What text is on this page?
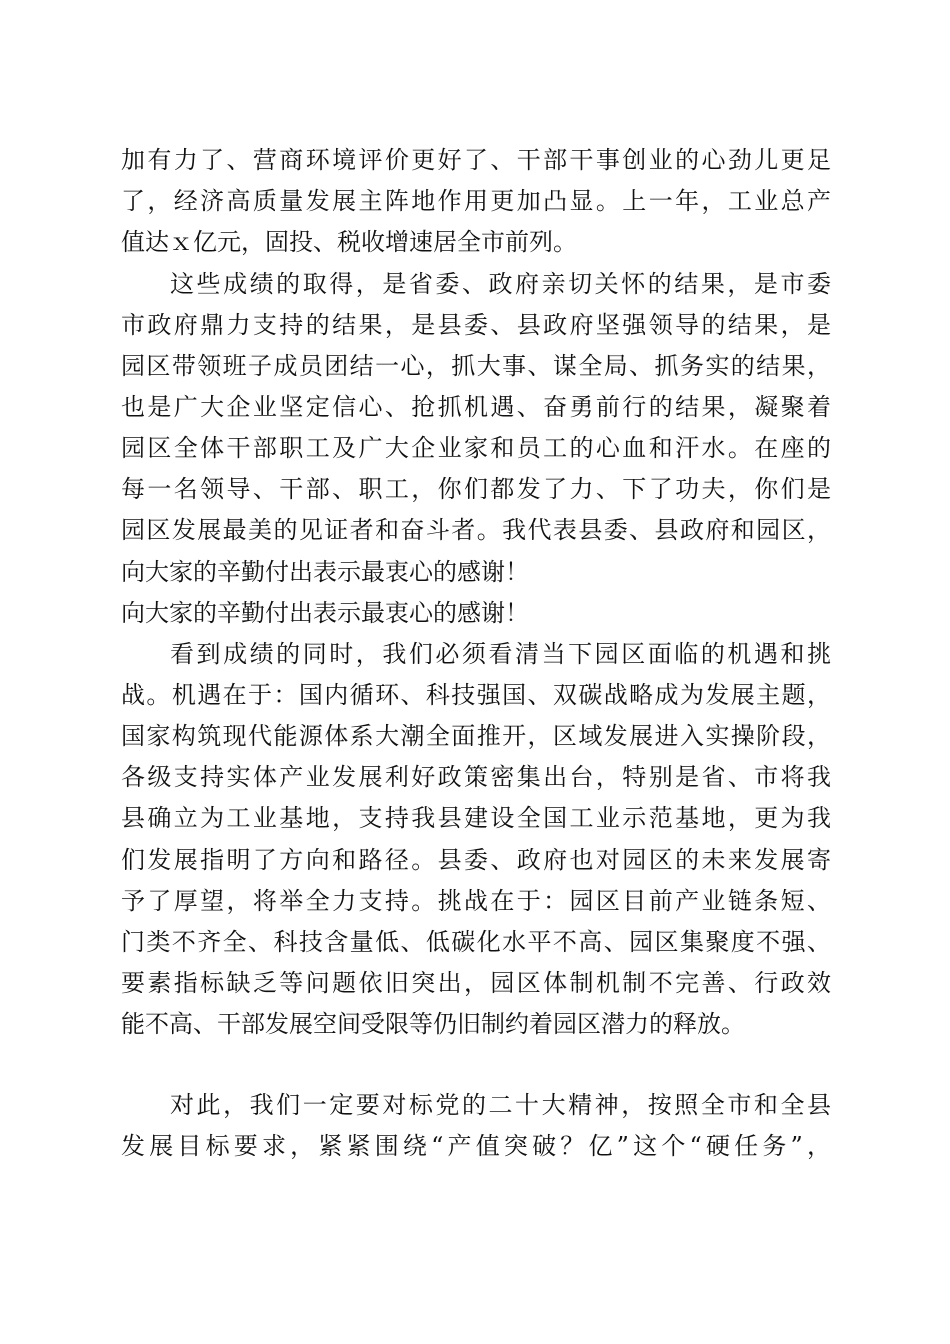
加有力了、营商环境评价更好了、干部干事创业的心劲儿更足
了，经济高质量发展主阵地作用更加凸显。上一年，工业总产
值达ｘ亿元，固投、税收增速居全市前列。
这些成绩的取得，是省委、政府亲切关怀的结果，是市委
市政府鼎力支持的结果，是县委、县政府坚强领导的结果，是
园区带领班子成员团结一心，抓大事、谋全局、抓务实的结果，
也是广大企业坚定信心、抢抓机遇、奋勇前行的结果，凝聚着
园区全体干部职工及广大企业家和员工的心血和汗水。在座的
每一名领导、干部、职工，你们都发了力、下了功夫，你们是
园区发展最美的见证者和奋斗者。我代表县委、县政府和园区，
向大家的辛勤付出表示最衷心的感谢！
向大家的辛勤付出表示最衷心的感谢！
看到成绩的同时，我们必须看清当下园区面临的机遇和挑
战。机遇在于：国内循环、科技强国、双碳战略成为发展主题，
国家构筑现代能源体系大潮全面推开，区域发展进入实操阶段，
各级支持实体产业发展利好政策密集出台，特别是省、市将我
县确立为工业基地，支持我县建设全国工业示范基地，更为我
们发展指明了方向和路径。县委、政府也对园区的未来发展寄
予了厚望，将举全力支持。挑战在于：园区目前产业链条短、
门类不齐全、科技含量低、低碳化水平不高、园区集聚度不强、
要素指标缺乏等问题依旧突出，园区体制机制不完善、行政效
能不高、干部发展空间受限等仍旧制约着园区潜力的释放。
对此，我们一定要对标党的二十大精神，按照全市和全县
发展目标要求，紧紧围绕“产值突破？亿”这个“硬任务”，
